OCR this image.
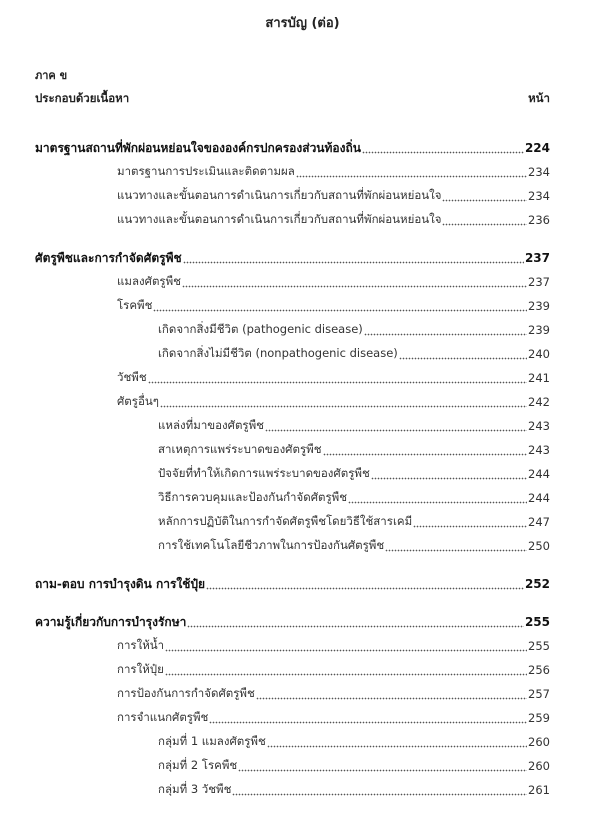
สารบัญ (ต่อ)
ภาค ข
ประกอบด้วยเนื้อหา	หน้า
มาตรฐานสถานที่พักผ่อนหย่อนใจขององค์กรปกครองส่วนท้องถิ่น	224
มาตรฐานการประเมินและติดตามผล	234
แนวทางและขั้นตอนการดำเนินการเกี่ยวกับสถานที่พักผ่อนหย่อนใจ	234
แนวทางและขั้นตอนการดำเนินการเกี่ยวกับสถานที่พักผ่อนหย่อนใจ	236
ศัตรูพืชและการกำจัดศัตรูพืช	237
แมลงศัตรูพืช	237
โรคพืช	239
เกิดจากสิ่งมีชีวิต (pathogenic disease)	239
เกิดจากสิ่งไม่มีชีวิต (nonpathogenic disease)	240
วัชพืช	241
ศัตรูอื่นๆ	242
แหล่งที่มาของศัตรูพืช	243
สาเหตุการแพร่ระบาดของศัตรูพืช	243
ปัจจัยที่ทำให้เกิดการแพร่ระบาดของศัตรูพืช	244
วิธีการควบคุมและป้องกันกำจัดศัตรูพืช	244
หลักการปฏิบัติในการกำจัดศัตรูพืชโดยวิธีใช้สารเคมี	247
การใช้เทคโนโลยีชีวภาพในการป้องกันศัตรูพืช	250
ถาม-ตอบ การบำรุงดิน การใช้ปุ๋ย	252
ความรู้เกี่ยวกับการบำรุงรักษา	255
การให้น้ำ	255
การให้ปุ๋ย	256
การป้องกันการกำจัดศัตรูพืช	257
การจำแนกศัตรูพืช	259
กลุ่มที่ 1 แมลงศัตรูพืช	260
กลุ่มที่ 2 โรคพืช	260
กลุ่มที่ 3 วัชพืช	261
